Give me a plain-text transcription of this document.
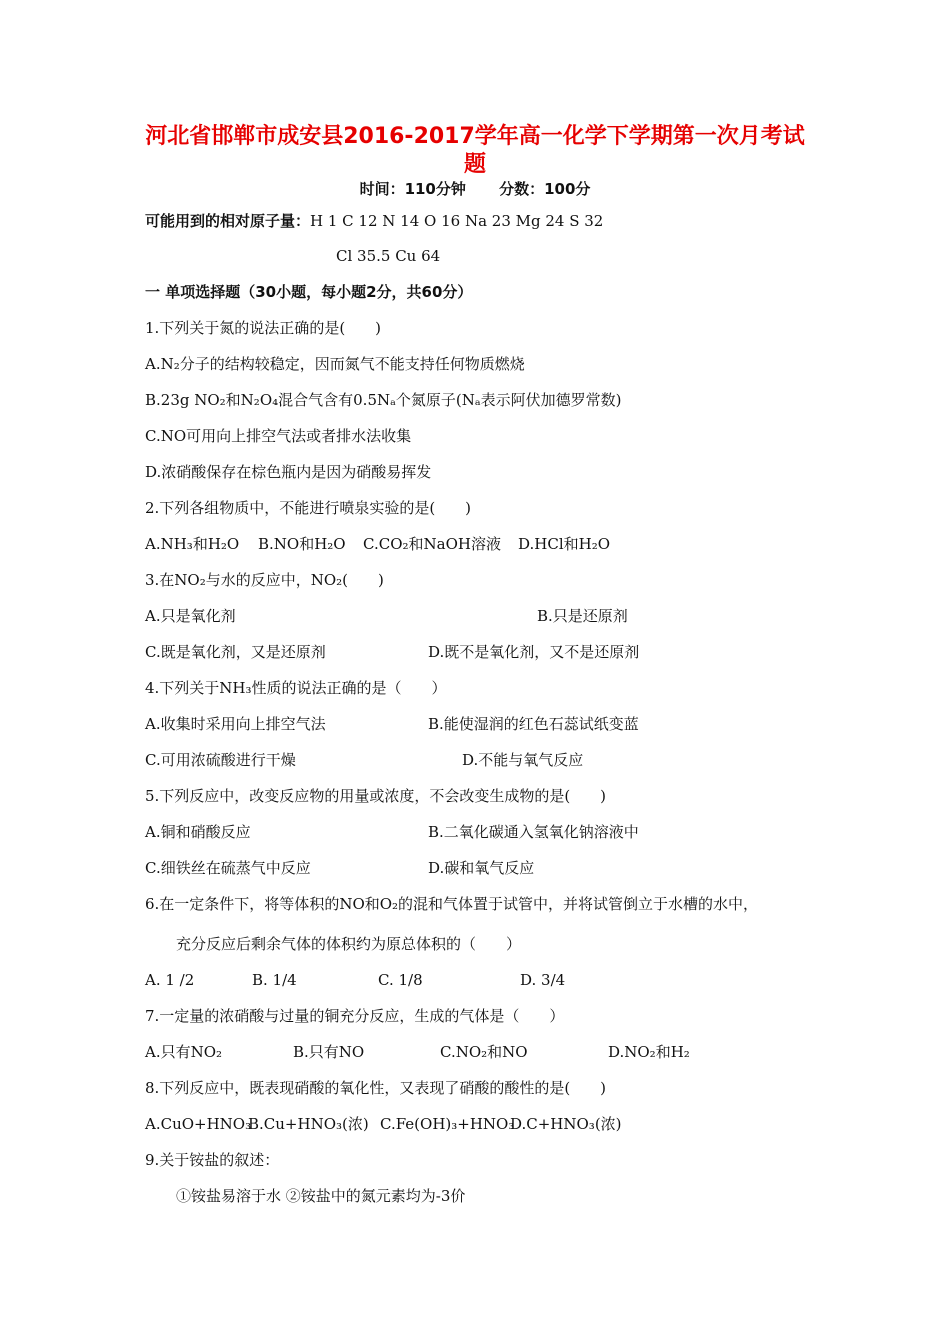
河北省邯郸市成安县2016-2017学年高一化学下学期第一次月考试
题
时间：110分钟 分数：100分
可能用到的相对原子量：H 1 C 12 N 14 O 16 Na 23 Mg 24 S 32
Cl 35.5 Cu 64
一 单项选择题（30小题，每小题2分，共60分）
1.下列关于氮的说法正确的是(　　)
A.N₂分子的结构较稳定，因而氮气不能支持任何物质燃烧
B.23g NO₂和N₂O₄混合气含有0.5Nₐ个氮原子(Nₐ表示阿伏加德罗常数)
C.NO可用向上排空气法或者排水法收集
D.浓硝酸保存在棕色瓶内是因为硝酸易挥发
2.下列各组物质中，不能进行喷泉实验的是(　　)
A.NH₃和H₂O B.NO和H₂O C.CO₂和NaOH溶液 D.HCl和H₂O
3.在NO₂与水的反应中，NO₂(　　)
A.只是氧化剂	B.只是还原剂
C.既是氧化剂，又是还原剂	D.既不是氧化剂，又不是还原剂
4.下列关于NH₃性质的说法正确的是（　　）
A.收集时采用向上排空气法	B.能使湿润的红色石蕊试纸变蓝
C.可用浓硫酸进行干燥	D.不能与氧气反应
5.下列反应中，改变反应物的用量或浓度，不会改变生成物的是(　　)
A.铜和硝酸反应	B.二氧化碳通入氢氧化钠溶液中
C.细铁丝在硫蒸气中反应	D.碳和氧气反应
6.在一定条件下，将等体积的NO和O₂的混和气体置于试管中，并将试管倒立于水槽的水中，
充分反应后剩余气体的体积约为原总体积的（　　）
A. 1 /2	B. 1/4	C. 1/8	D. 3/4
7.一定量的浓硝酸与过量的铜充分反应，生成的气体是（　　）
A.只有NO₂	B.只有NO	C.NO₂和NO	D.NO₂和H₂
8.下列反应中，既表现硝酸的氧化性，又表现了硝酸的酸性的是(　　)
A.CuO+HNO₃
B.Cu+HNO₃(浓) C.Fe(OH)₃+HNO₃
D.C+HNO₃(浓)
9.关于铵盐的叙述：
①铵盐易溶于水 ②铵盐中的氮元素均为-3价
